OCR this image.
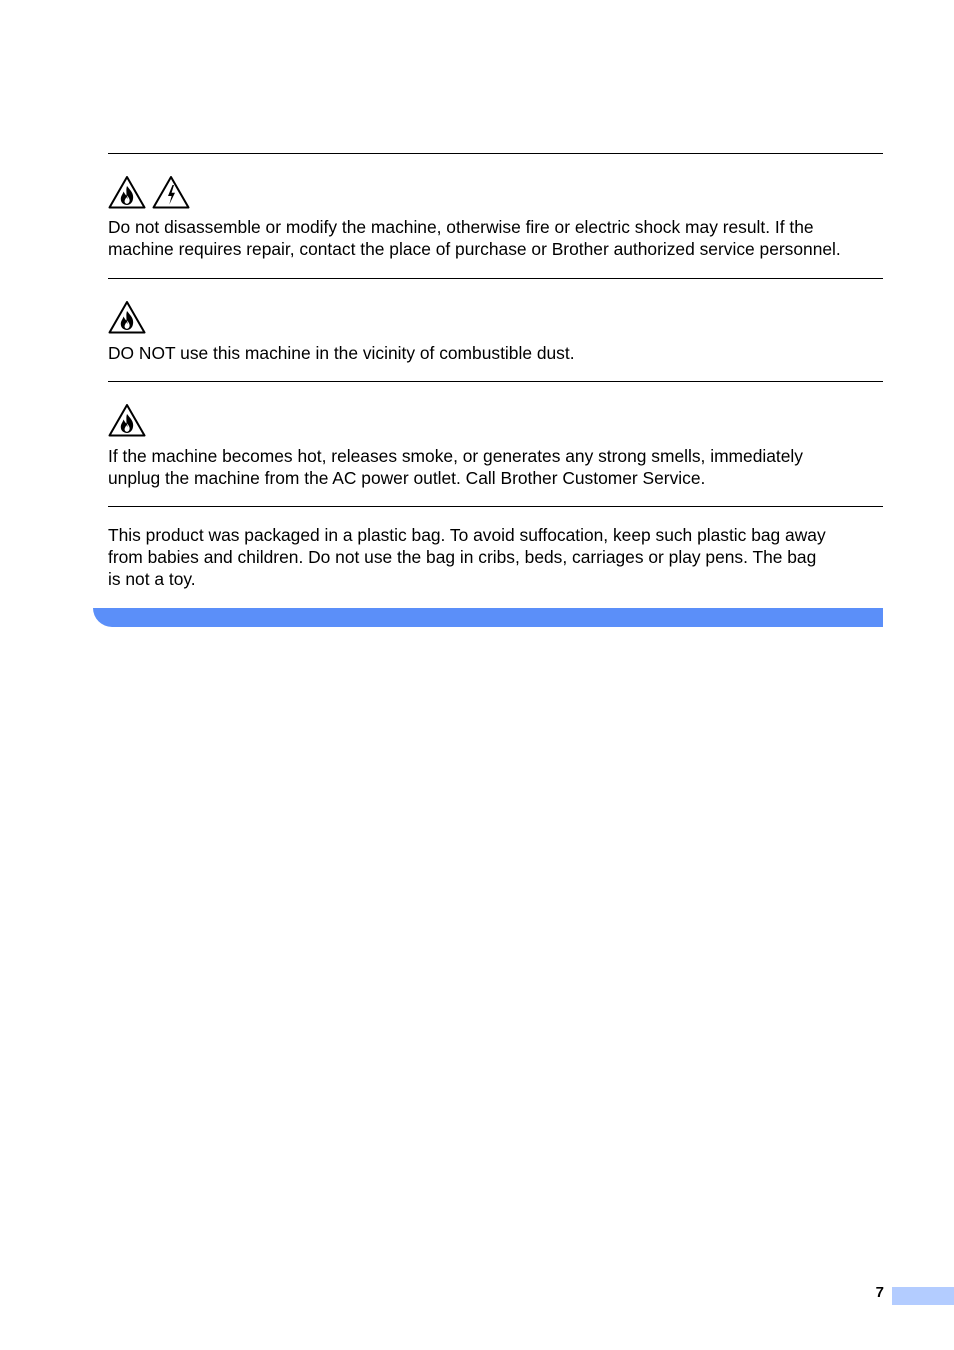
Do not disassemble or modify the machine, otherwise fire or electric shock may result. If the
machine requires repair, contact the place of purchase or Brother authorized service personnel.

DO NOT use this machine in the vicinity of combustible dust.

If the machine becomes hot, releases smoke, or generates any strong smells, immediately
unplug the machine from the AC power outlet. Call Brother Customer Service.

This product was packaged in a plastic bag. To avoid suffocation, keep such plastic bag away
from babies and children. Do not use the bag in cribs, beds, carriages or play pens. The bag
is not a toy.

7
